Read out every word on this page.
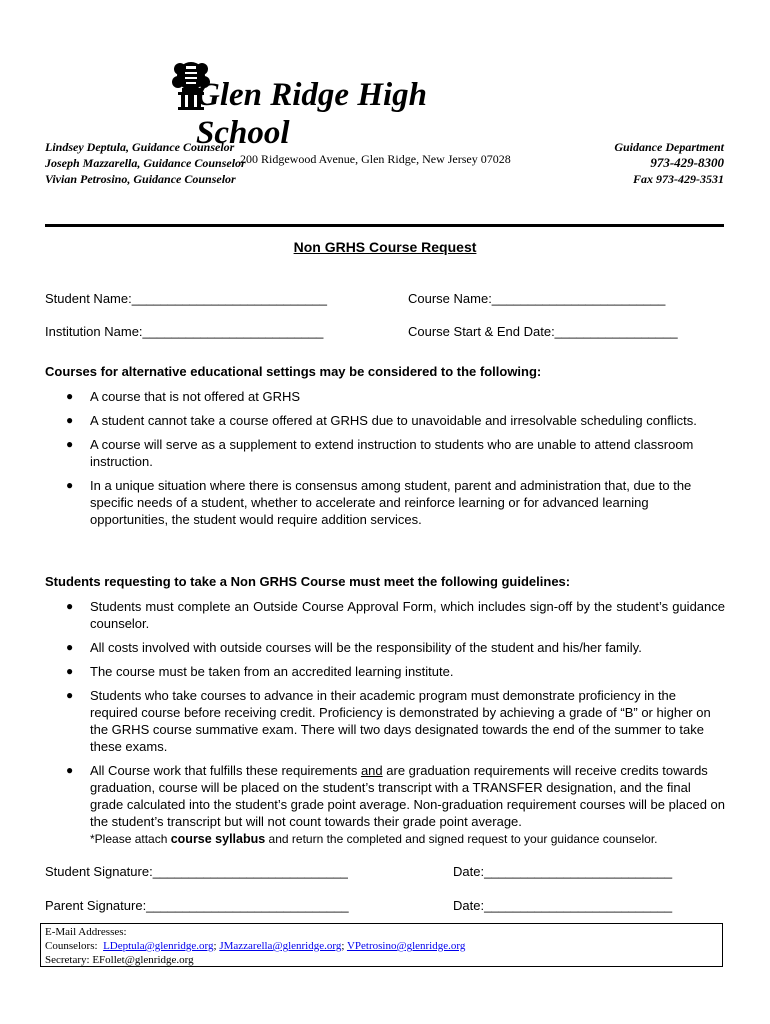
Glen Ridge High School
Lindsey Deptula, Guidance Counselor
Joseph Mazzarella, Guidance Counselor
Vivian Petrosino, Guidance Counselor
200 Ridgewood Avenue, Glen Ridge, New Jersey 07028
Guidance Department
973-429-8300
Fax 973-429-3531
Non GRHS Course Request
Student Name:___________________________	Course Name:________________________
Institution Name:_________________________	Course Start & End Date:_________________
Courses for alternative educational settings may be considered to the following:
● A course that is not offered at GRHS
● A student cannot take a course offered at GRHS due to unavoidable and irresolvable scheduling conflicts.
● A course will serve as a supplement to extend instruction to students who are unable to attend classroom instruction.
● In a unique situation where there is consensus among student, parent and administration that, due to the specific needs of a student, whether to accelerate and reinforce learning or for advanced learning opportunities, the student would require addition services.
Students requesting to take a Non GRHS Course must meet the following guidelines:
● Students must complete an Outside Course Approval Form, which includes sign-off by the student’s guidance counselor.
● All costs involved with outside courses will be the responsibility of the student and his/her family.
● The course must be taken from an accredited learning institute.
● Students who take courses to advance in their academic program must demonstrate proficiency in the required course before receiving credit. Proficiency is demonstrated by achieving a grade of “B” or higher on the GRHS course summative exam. There will two days designated towards the end of the summer to take these exams.
● All Course work that fulfills these requirements and are graduation requirements will receive credits towards graduation, course will be placed on the student’s transcript with a TRANSFER designation, and the final grade calculated into the student’s grade point average. Non-graduation requirement courses will be placed on the student’s transcript but will not count towards their grade point average.
*Please attach course syllabus and return the completed and signed request to your guidance counselor.
Student Signature:___________________________	Date:__________________________
Parent Signature:____________________________	Date:__________________________
E-Mail Addresses:
Counselors: LDeptula@glenridge.org; JMazzarella@glenridge.org; VPetrosino@glenridge.org
Secretary: EFollet@glenridge.org
